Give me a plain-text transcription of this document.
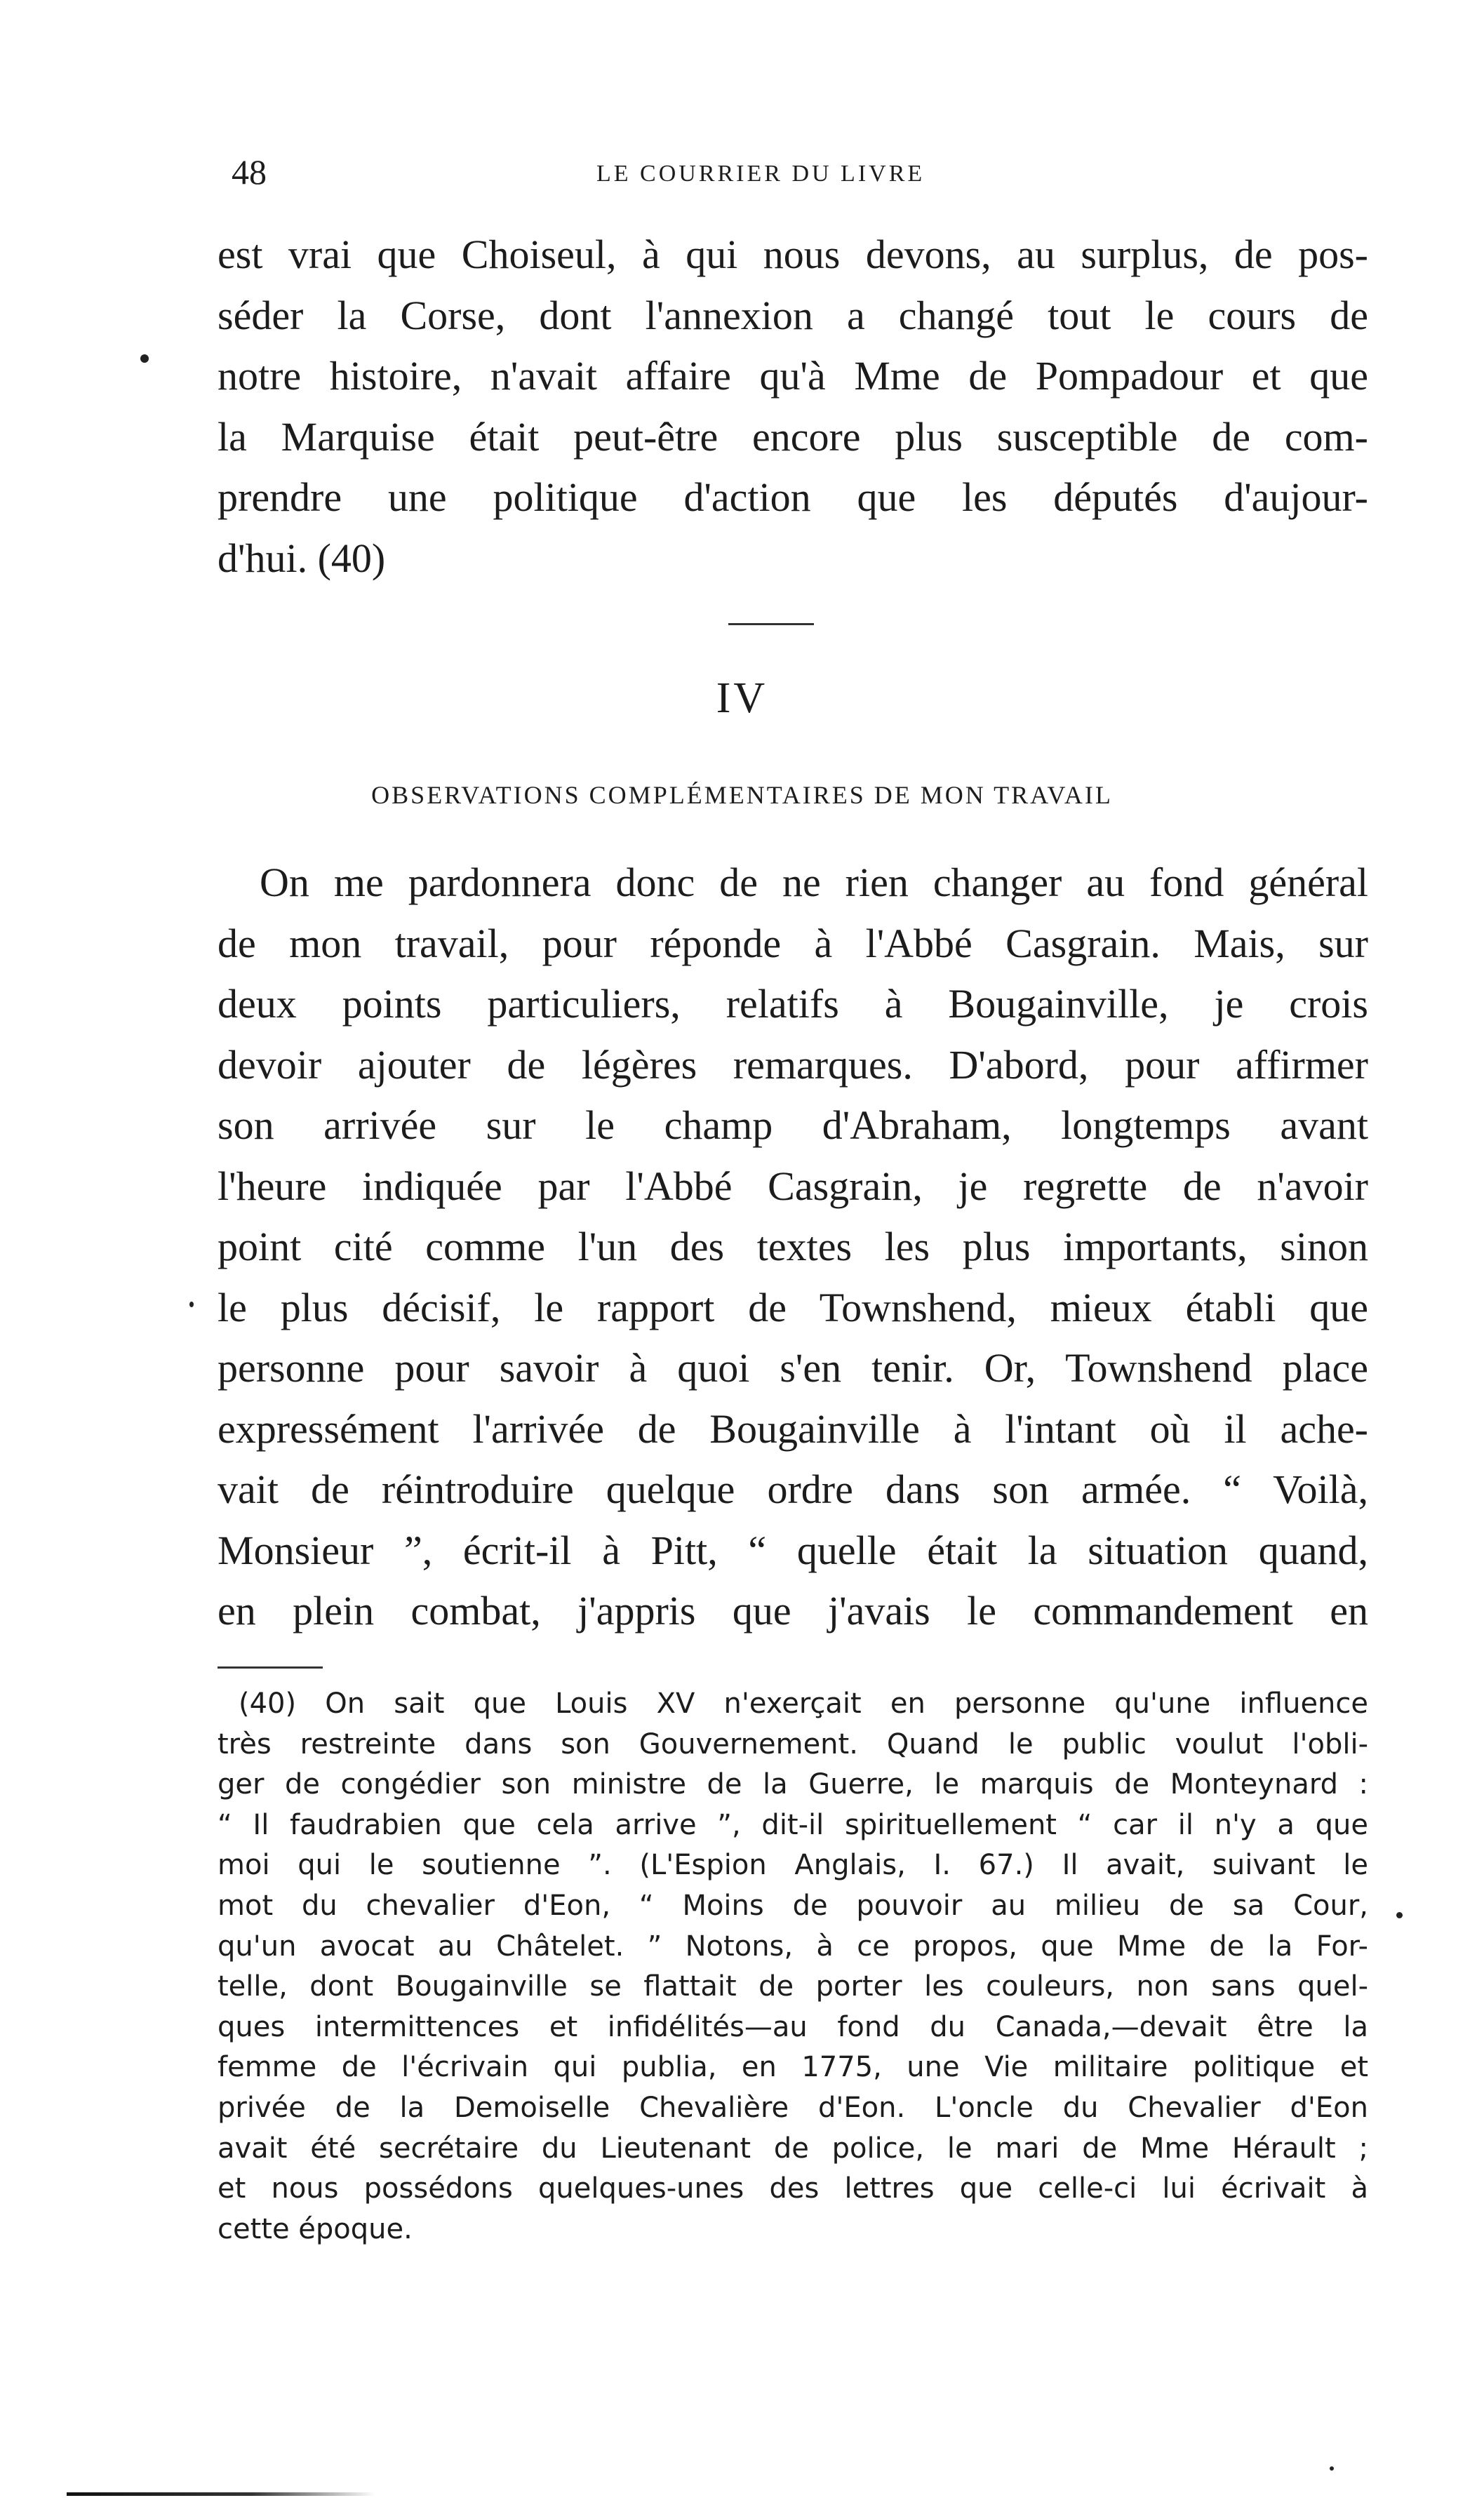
48	LE COURRIER DU LIVRE

est vrai que Choiseul, à qui nous devons, au surplus, de pos-
séder la Corse, dont l'annexion a changé tout le cours de
notre histoire, n'avait affaire qu'à Mme de Pompadour et que
la Marquise était peut-être encore plus susceptible de com-
prendre une politique d'action que les députés d'aujour-
d'hui. (40)

IV
OBSERVATIONS COMPLÉMENTAIRES DE MON TRAVAIL

On me pardonnera donc de ne rien changer au fond général
de mon travail, pour réponde à l'Abbé Casgrain. Mais, sur
deux points particuliers, relatifs à Bougainville, je crois
devoir ajouter de légères remarques. D'abord, pour affirmer
son arrivée sur le champ d'Abraham, longtemps avant
l'heure indiquée par l'Abbé Casgrain, je regrette de n'avoir
point cité comme l'un des textes les plus importants, sinon
le plus décisif, le rapport de Townshend, mieux établi que
personne pour savoir à quoi s'en tenir. Or, Townshend place
expressément l'arrivée de Bougainville à l'intant où il ache-
vait de réintroduire quelque ordre dans son armée. “ Voilà,
Monsieur ”, écrit-il à Pitt, “ quelle était la situation quand,
en plein combat, j'appris que j'avais le commandement en

(40) On sait que Louis XV n'exerçait en personne qu'une influence
très restreinte dans son Gouvernement. Quand le public voulut l'obli-
ger de congédier son ministre de la Guerre, le marquis de Monteynard :
“ Il faudrabien que cela arrive ”, dit-il spirituellement “ car il n'y a que
moi qui le soutienne ”. (L'Espion Anglais, I. 67.) Il avait, suivant le
mot du chevalier d'Eon, “ Moins de pouvoir au milieu de sa Cour,
qu'un avocat au Châtelet. ” Notons, à ce propos, que Mme de la For-
telle, dont Bougainville se flattait de porter les couleurs, non sans quel-
ques intermittences et infidélités—au fond du Canada,—devait être la
femme de l'écrivain qui publia, en 1775, une Vie militaire politique et
privée de la Demoiselle Chevalière d'Eon. L'oncle du Chevalier d'Eon
avait été secrétaire du Lieutenant de police, le mari de Mme Hérault ;
et nous possédons quelques-unes des lettres que celle-ci lui écrivait à
cette époque.
